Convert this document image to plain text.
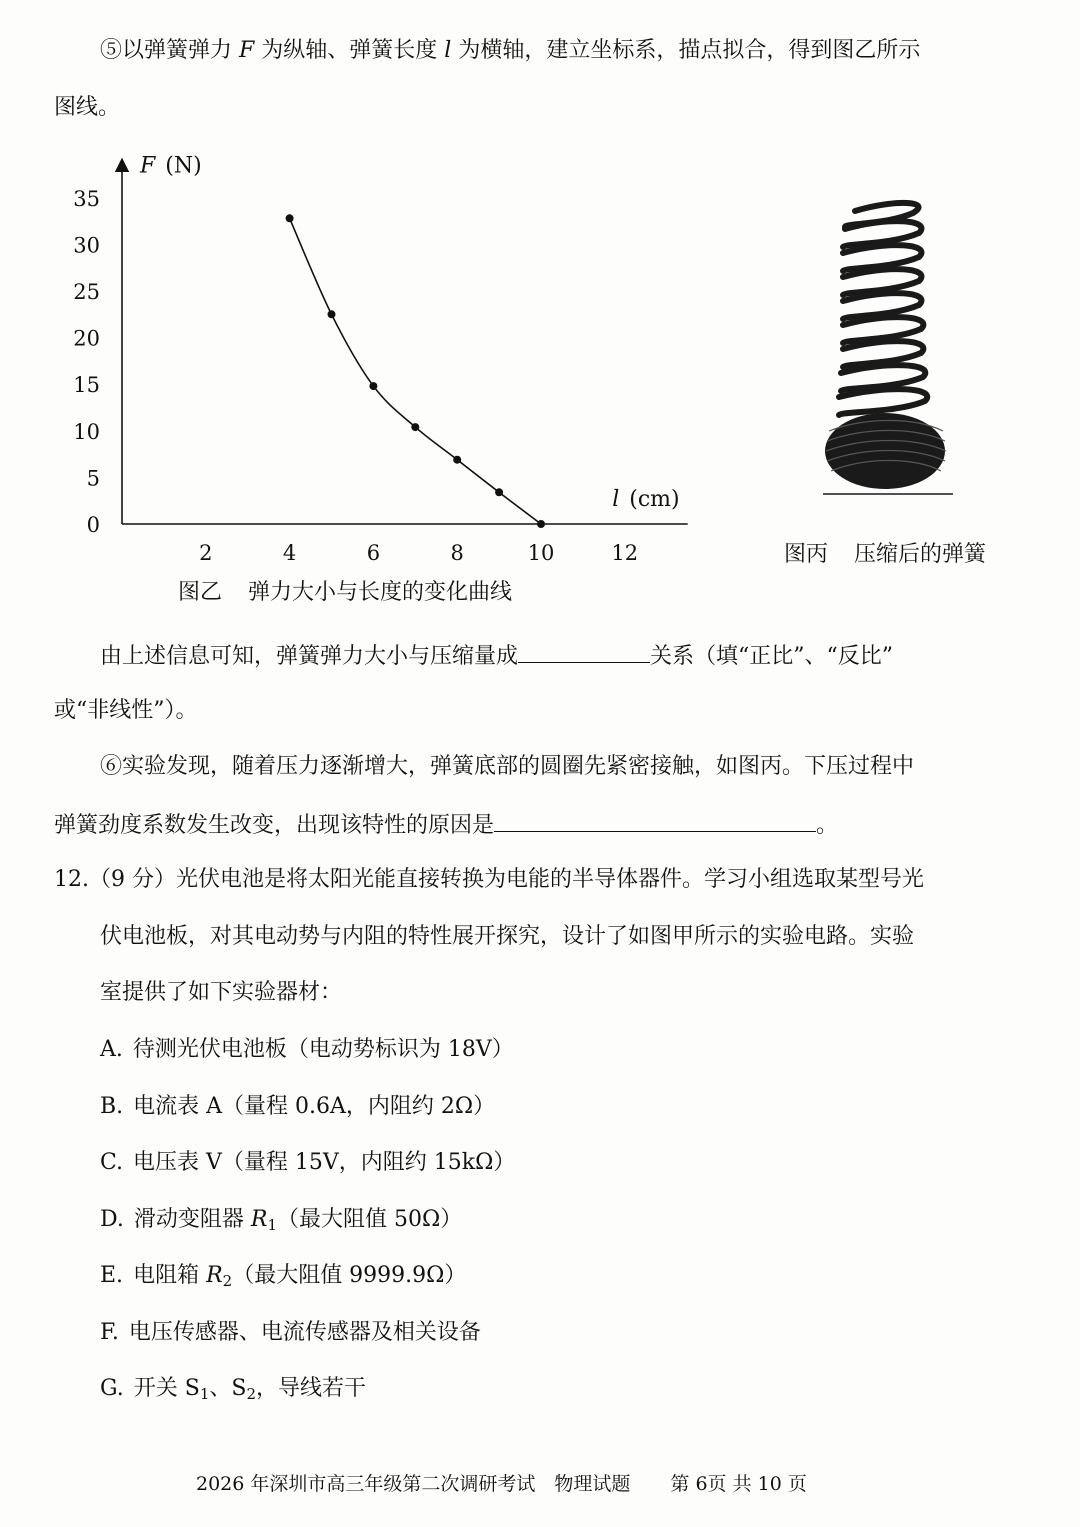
⑤以弹簧弹力 F 为纵轴、弹簧长度 l 为横轴，建立坐标系，描点拟合，得到图乙所示
图线。
0
5
10
15
20
25
30
35
2	4	6	8	10	12
F (N)
l (cm)
图乙 弹力大小与长度的变化曲线
图丙 压缩后的弹簧
由上述信息可知，弹簧弹力大小与压缩量成	关系（填“正比”、“反比”
或“非线性”）。
⑥实验发现，随着压力逐渐增大，弹簧底部的圆圈先紧密接触，如图丙。下压过程中
弹簧劲度系数发生改变，出现该特性的原因是	。
12.（9 分）光伏电池是将太阳光能直接转换为电能的半导体器件。学习小组选取某型号光
伏电池板，对其电动势与内阻的特性展开探究，设计了如图甲所示的实验电路。实验
室提供了如下实验器材：
A. 待测光伏电池板（电动势标识为 18V）
B. 电流表 A（量程 0.6A，内阻约 2Ω）
C. 电压表 V（量程 15V，内阻约 15kΩ）
D. 滑动变阻器 $R_1$（最大阻值 50Ω）
E. 电阻箱 $R_2$（最大阻值 9999.9Ω）
F. 电压传感器、电流传感器及相关设备
G. 开关 $S_1$、$S_2$，导线若干
2026 年深圳市高三年级第二次调研考试　物理试题 第 6页 共 10 页
